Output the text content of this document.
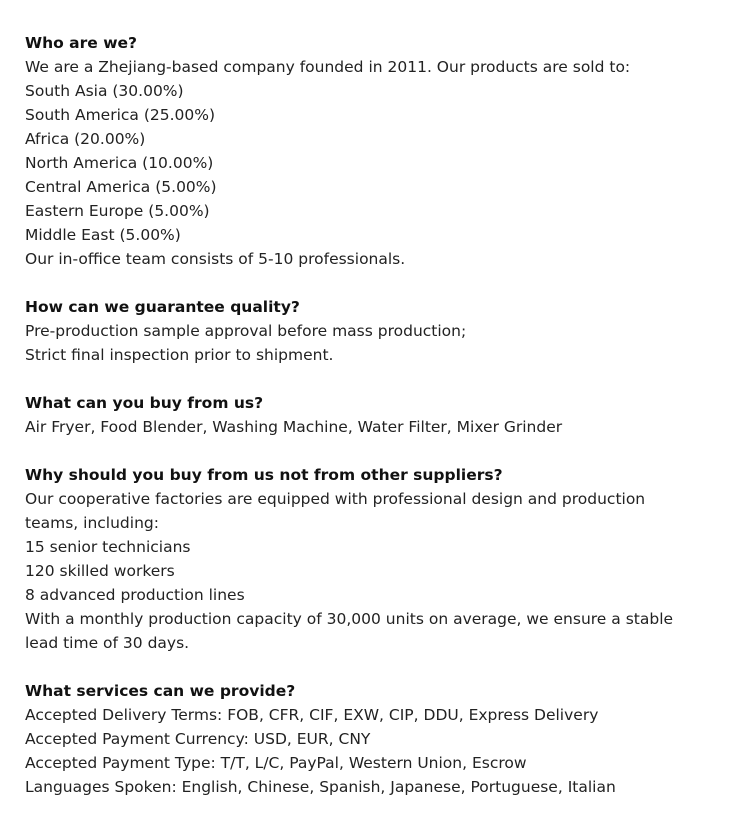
Who are we?
We are a Zhejiang-based company founded in 2011. Our products are sold to:
South Asia (30.00%)
South America (25.00%)
Africa (20.00%)
North America (10.00%)
Central America (5.00%)
Eastern Europe (5.00%)
Middle East (5.00%)
Our in-office team consists of 5-10 professionals.
How can we guarantee quality?
Pre-production sample approval before mass production;
Strict final inspection prior to shipment.
What can you buy from us?
Air Fryer, Food Blender, Washing Machine, Water Filter, Mixer Grinder
Why should you buy from us not from other suppliers?
Our cooperative factories are equipped with professional design and production
teams, including:
15 senior technicians
120 skilled workers
8 advanced production lines
With a monthly production capacity of 30,000 units on average, we ensure a stable
lead time of 30 days.
What services can we provide?
Accepted Delivery Terms: FOB, CFR, CIF, EXW, CIP, DDU, Express Delivery
Accepted Payment Currency: USD, EUR, CNY
Accepted Payment Type: T/T, L/C, PayPal, Western Union, Escrow
Languages Spoken: English, Chinese, Spanish, Japanese, Portuguese, Italian
